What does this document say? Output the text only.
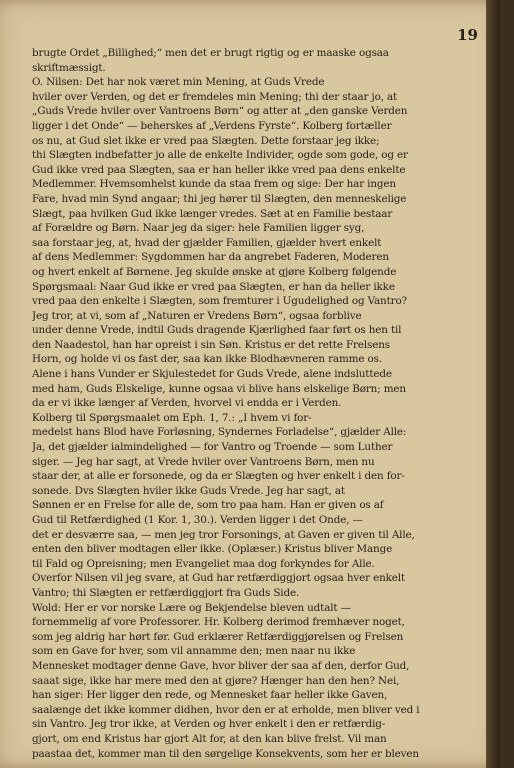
19
brugte Ordet „Billighed;“ men det er brugt rigtig og er maaske ogsaa
skriftmæssigt.
O. Nilsen: Det har nok været min Mening, at Guds Vrede
hviler over Verden, og det er fremdeles min Mening; thi der staar jo, at
„Guds Vrede hviler over Vantroens Børn“ og atter at „den ganske Verden
ligger i det Onde“ — beherskes af „Verdens Fyrste“. Kolberg fortæller
os nu, at Gud slet ikke er vred paa Slægten. Dette forstaar jeg ikke;
thi Slægten indbefatter jo alle de enkelte Individer, ogde som gode, og er
Gud ikke vred paa Slægten, saa er han heller ikke vred paa dens enkelte
Medlemmer. Hvemsomhelst kunde da staa frem og sige: Der har ingen
Fare, hvad min Synd angaar; thi jeg hører til Slægten, den menneskelige
Slægt, paa hvilken Gud ikke længer vredes. Sæt at en Familie bestaar
af Forældre og Børn. Naar jeg da siger: hele Familien ligger syg,
saa forstaar jeg, at, hvad der gjælder Familien, gjælder hvert enkelt
af dens Medlemmer: Sygdommen har da angrebet Faderen, Moderen
og hvert enkelt af Børnene. Jeg skulde ønske at gjøre Kolberg følgende
Spørgsmaal: Naar Gud ikke er vred paa Slægten, er han da heller ikke
vred paa den enkelte i Slægten, som fremturer i Ugudelighed og Vantro?
Jeg tror, at vi, som af „Naturen er Vredens Børn“, ogsaa forblive
under denne Vrede, indtil Guds dragende Kjærlighed faar ført os hen til
den Naadestol, han har opreist i sin Søn. Kristus er det rette Frelsens
Horn, og holde vi os fast der, saa kan ikke Blodhævneren ramme os.
Alene i hans Vunder er Skjulestedet for Guds Vrede, alene indsluttede
med ham, Guds Elskelige, kunne ogsaa vi blive hans elskelige Børn; men
da er vi ikke længer af Verden, hvorvel vi endda er i Verden.
Kolberg til Spørgsmaalet om Eph. 1, 7.: „I hvem vi for-
medelst hans Blod have Forløsning, Syndernes Forladelse“, gjælder Alle:
Ja, det gjælder ialmindelighed — for Vantro og Troende — som Luther
siger. — Jeg har sagt, at Vrede hviler over Vantroens Børn, men nu
staar der, at alle er forsonede, og da er Slægten og hver enkelt i den for-
sonede. Dvs Slægten hviler ikke Guds Vrede. Jeg har sagt, at
Sønnen er en Frelse for alle de, som tro paa ham. Han er given os af
Gud til Retfærdighed (1 Kor. 1, 30.). Verden ligger i det Onde, —
det er desværre saa, — men jeg tror Forsonings, at Gaven er given til Alle,
enten den bliver modtagen eller ikke. (Oplæser.) Kristus bliver Mange
til Fald og Opreisning; men Evangeliet maa dog forkyndes for Alle.
Overfor Nilsen vil jeg svare, at Gud har retfærdiggjort ogsaa hver enkelt
Vantro; thi Slægten er retfærdiggjort fra Guds Side.
Wold: Her er vor norske Lære og Bekjendelse bleven udtalt —
fornemmelig af vore Professorer. Hr. Kolberg derimod fremhæver noget,
som jeg aldrig har hørt før. Gud erklærer Retfærdiggjørelsen og Frelsen
som en Gave for hver, som vil annamme den; men naar nu ikke
Mennesket modtager denne Gave, hvor bliver der saa af den, derfor Gud,
saaat sige, ikke har mere med den at gjøre? Hænger han den hen? Nei,
han siger: Her ligger den rede, og Mennesket faar heller ikke Gaven,
saalænge det ikke kommer didhen, hvor den er at erholde, men bliver ved i
sin Vantro. Jeg tror ikke, at Verden og hver enkelt i den er retfærdig-
gjort, om end Kristus har gjort Alt for, at den kan blive frelst. Vil man
paastaa det, kommer man til den sørgelige Konsekvents, som her er bleven
